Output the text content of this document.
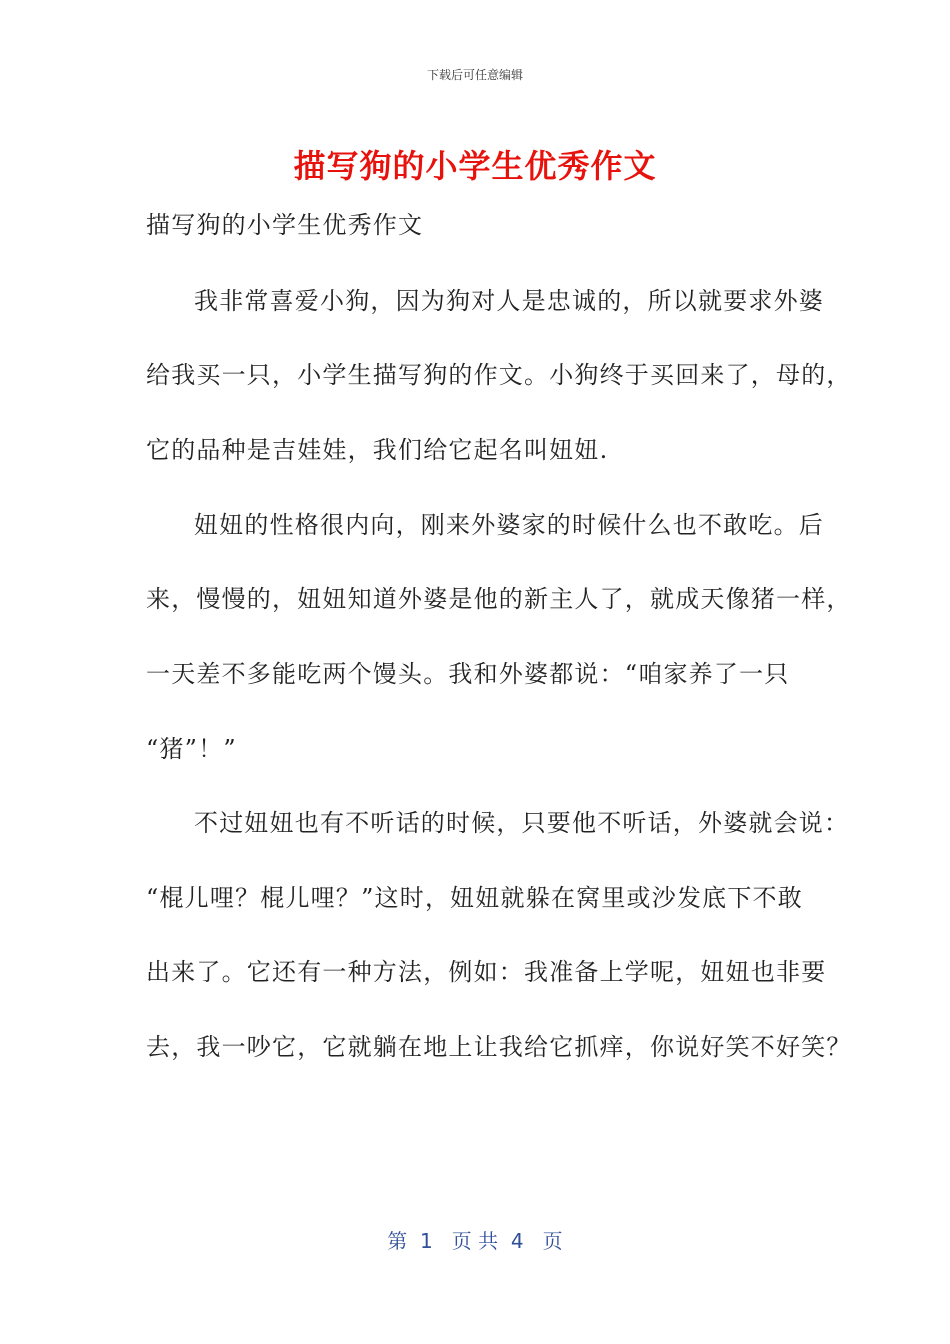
下载后可任意编辑
描写狗的小学生优秀作文
描写狗的小学生优秀作文
我非常喜爱小狗，因为狗对人是忠诚的，所以就要求外婆
给我买一只，小学生描写狗的作文。小狗终于买回来了，母的，
它的品种是吉娃娃，我们给它起名叫妞妞.
妞妞的性格很内向，刚来外婆家的时候什么也不敢吃。后
来，慢慢的，妞妞知道外婆是他的新主人了，就成天像猪一样，
一天差不多能吃两个馒头。我和外婆都说：“咱家养了一只
“猪”！”
不过妞妞也有不听话的时候，只要他不听话，外婆就会说：
“棍儿哩？棍儿哩？”这时，妞妞就躲在窝里或沙发底下不敢
出来了。它还有一种方法，例如：我准备上学呢，妞妞也非要
去，我一吵它，它就躺在地上让我给它抓痒，你说好笑不好笑？
第  1   页 共  4   页
